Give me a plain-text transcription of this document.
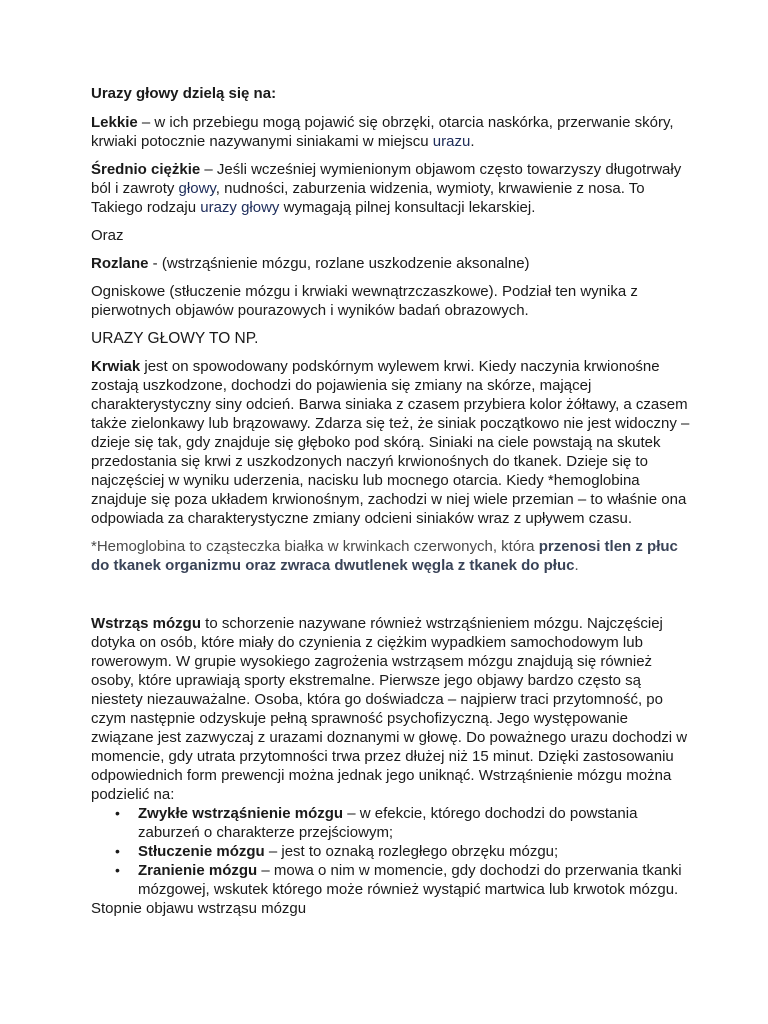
Urazy głowy dzielą się na:

Lekkie – w ich przebiegu mogą pojawić się obrzęki, otarcia naskórka, przerwanie skóry, krwiaki potocznie nazywanymi siniakami w miejscu urazu.

Średnio ciężkie – Jeśli wcześniej wymienionym objawom często towarzyszy długotrwały ból i zawroty głowy, nudności, zaburzenia widzenia, wymioty, krwawienie z nosa. To Takiego rodzaju urazy głowy wymagają pilnej konsultacji lekarskiej.

Oraz

Rozlane - (wstrząśnienie mózgu, rozlane uszkodzenie aksonalne)

Ogniskowe (stłuczenie mózgu i krwiaki wewnątrzczaszkowe). Podział ten wynika z pierwotnych objawów pourazowych i wyników badań obrazowych.

URAZY GŁOWY TO NP.

Krwiak jest on spowodowany podskórnym wylewem krwi. Kiedy naczynia krwionośne zostają uszkodzone, dochodzi do pojawienia się zmiany na skórze, mającej charakterystyczny siny odcień. Barwa siniaka z czasem przybiera kolor żółtawy, a czasem także zielonkawy lub brązowawy. Zdarza się też, że siniak początkowo nie jest widoczny – dzieje się tak, gdy znajduje się głęboko pod skórą. Siniaki na ciele powstają na skutek przedostania się krwi z uszkodzonych naczyń krwionośnych do tkanek. Dzieje się to najczęściej w wyniku uderzenia, nacisku lub mocnego otarcia. Kiedy *hemoglobina znajduje się poza układem krwionośnym, zachodzi w niej wiele przemian – to właśnie ona odpowiada za charakterystyczne zmiany odcieni siniaków wraz z upływem czasu.

*Hemoglobina to cząsteczka białka w krwinkach czerwonych, która przenosi tlen z płuc do tkanek organizmu oraz zwraca dwutlenek węgla z tkanek do płuc.

Wstrząs mózgu to schorzenie nazywane również wstrząśnieniem mózgu. Najczęściej dotyka on osób, które miały do czynienia z ciężkim wypadkiem samochodowym lub rowerowym. W grupie wysokiego zagrożenia wstrząsem mózgu znajdują się również osoby, które uprawiają sporty ekstremalne. Pierwsze jego objawy bardzo często są niestety niezauważalne. Osoba, która go doświadcza – najpierw traci przytomność, po czym następnie odzyskuje pełną sprawność psychofizyczną. Jego występowanie związane jest zazwyczaj z urazami doznanymi w głowę. Do poważnego urazu dochodzi w momencie, gdy utrata przytomności trwa przez dłużej niż 15 minut. Dzięki zastosowaniu odpowiednich form prewencji można jednak jego uniknąć. Wstrząśnienie mózgu można podzielić na:

• Zwykłe wstrząśnienie mózgu – w efekcie, którego dochodzi do powstania zaburzeń o charakterze przejściowym;
• Stłuczenie mózgu – jest to oznaką rozległego obrzęku mózgu;
• Zranienie mózgu – mowa o nim w momencie, gdy dochodzi do przerwania tkanki mózgowej, wskutek którego może również wystąpić martwica lub krwotok mózgu.

Stopnie objawu wstrząsu mózgu
